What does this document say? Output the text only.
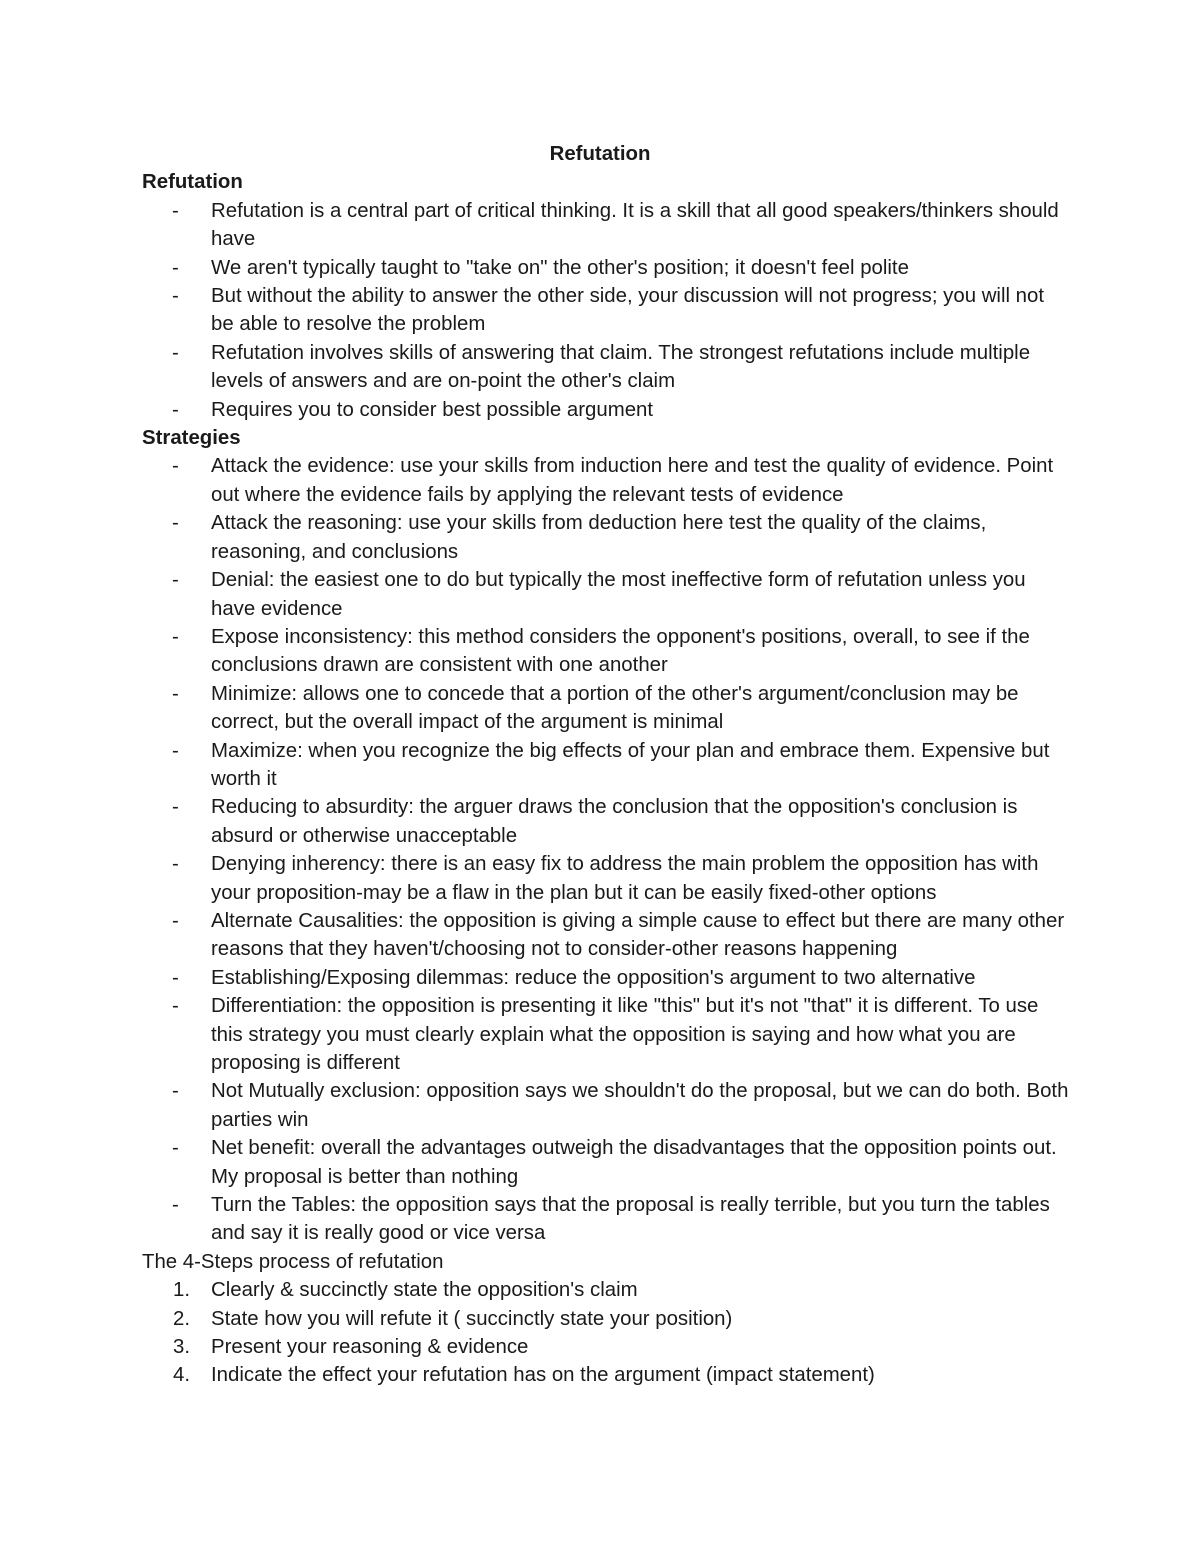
Refutation

Refutation

- Refutation is a central part of critical thinking. It is a skill that all good speakers/thinkers should have
- We aren't typically taught to "take on" the other's position; it doesn't feel polite
- But without the ability to answer the other side, your discussion will not progress; you will not be able to resolve the problem
- Refutation involves skills of answering that claim. The strongest refutations include multiple levels of answers and are on-point the other's claim
- Requires you to consider best possible argument

Strategies

- Attack the evidence: use your skills from induction here and test the quality of evidence. Point out where the evidence fails by applying the relevant tests of evidence
- Attack the reasoning: use your skills from deduction here test the quality of the claims, reasoning, and conclusions
- Denial: the easiest one to do but typically the most ineffective form of refutation unless you have evidence
- Expose inconsistency: this method considers the opponent's positions, overall, to see if the conclusions drawn are consistent with one another
- Minimize: allows one to concede that a portion of the other's argument/conclusion may be correct, but the overall impact of the argument is minimal
- Maximize: when you recognize the big effects of your plan and embrace them. Expensive but worth it
- Reducing to absurdity: the arguer draws the conclusion that the opposition's conclusion is absurd or otherwise unacceptable
- Denying inherency: there is an easy fix to address the main problem the opposition has with your proposition-may be a flaw in the plan but it can be easily fixed-other options
- Alternate Causalities: the opposition is giving a simple cause to effect but there are many other reasons that they haven't/choosing not to consider-other reasons happening
- Establishing/Exposing dilemmas: reduce the opposition's argument to two alternative
- Differentiation: the opposition is presenting it like "this" but it's not "that" it is different. To use this strategy you must clearly explain what the opposition is saying and how what you are proposing is different
- Not Mutually exclusion: opposition says we shouldn't do the proposal, but we can do both. Both parties win
- Net benefit: overall the advantages outweigh the disadvantages that the opposition points out. My proposal is better than nothing
- Turn the Tables: the opposition says that the proposal is really terrible, but you turn the tables and say it is really good or vice versa

The 4-Steps process of refutation

1. Clearly & succinctly state the opposition's claim
2. State how you will refute it ( succinctly state your position)
3. Present your reasoning & evidence
4. Indicate the effect your refutation has on the argument (impact statement)
